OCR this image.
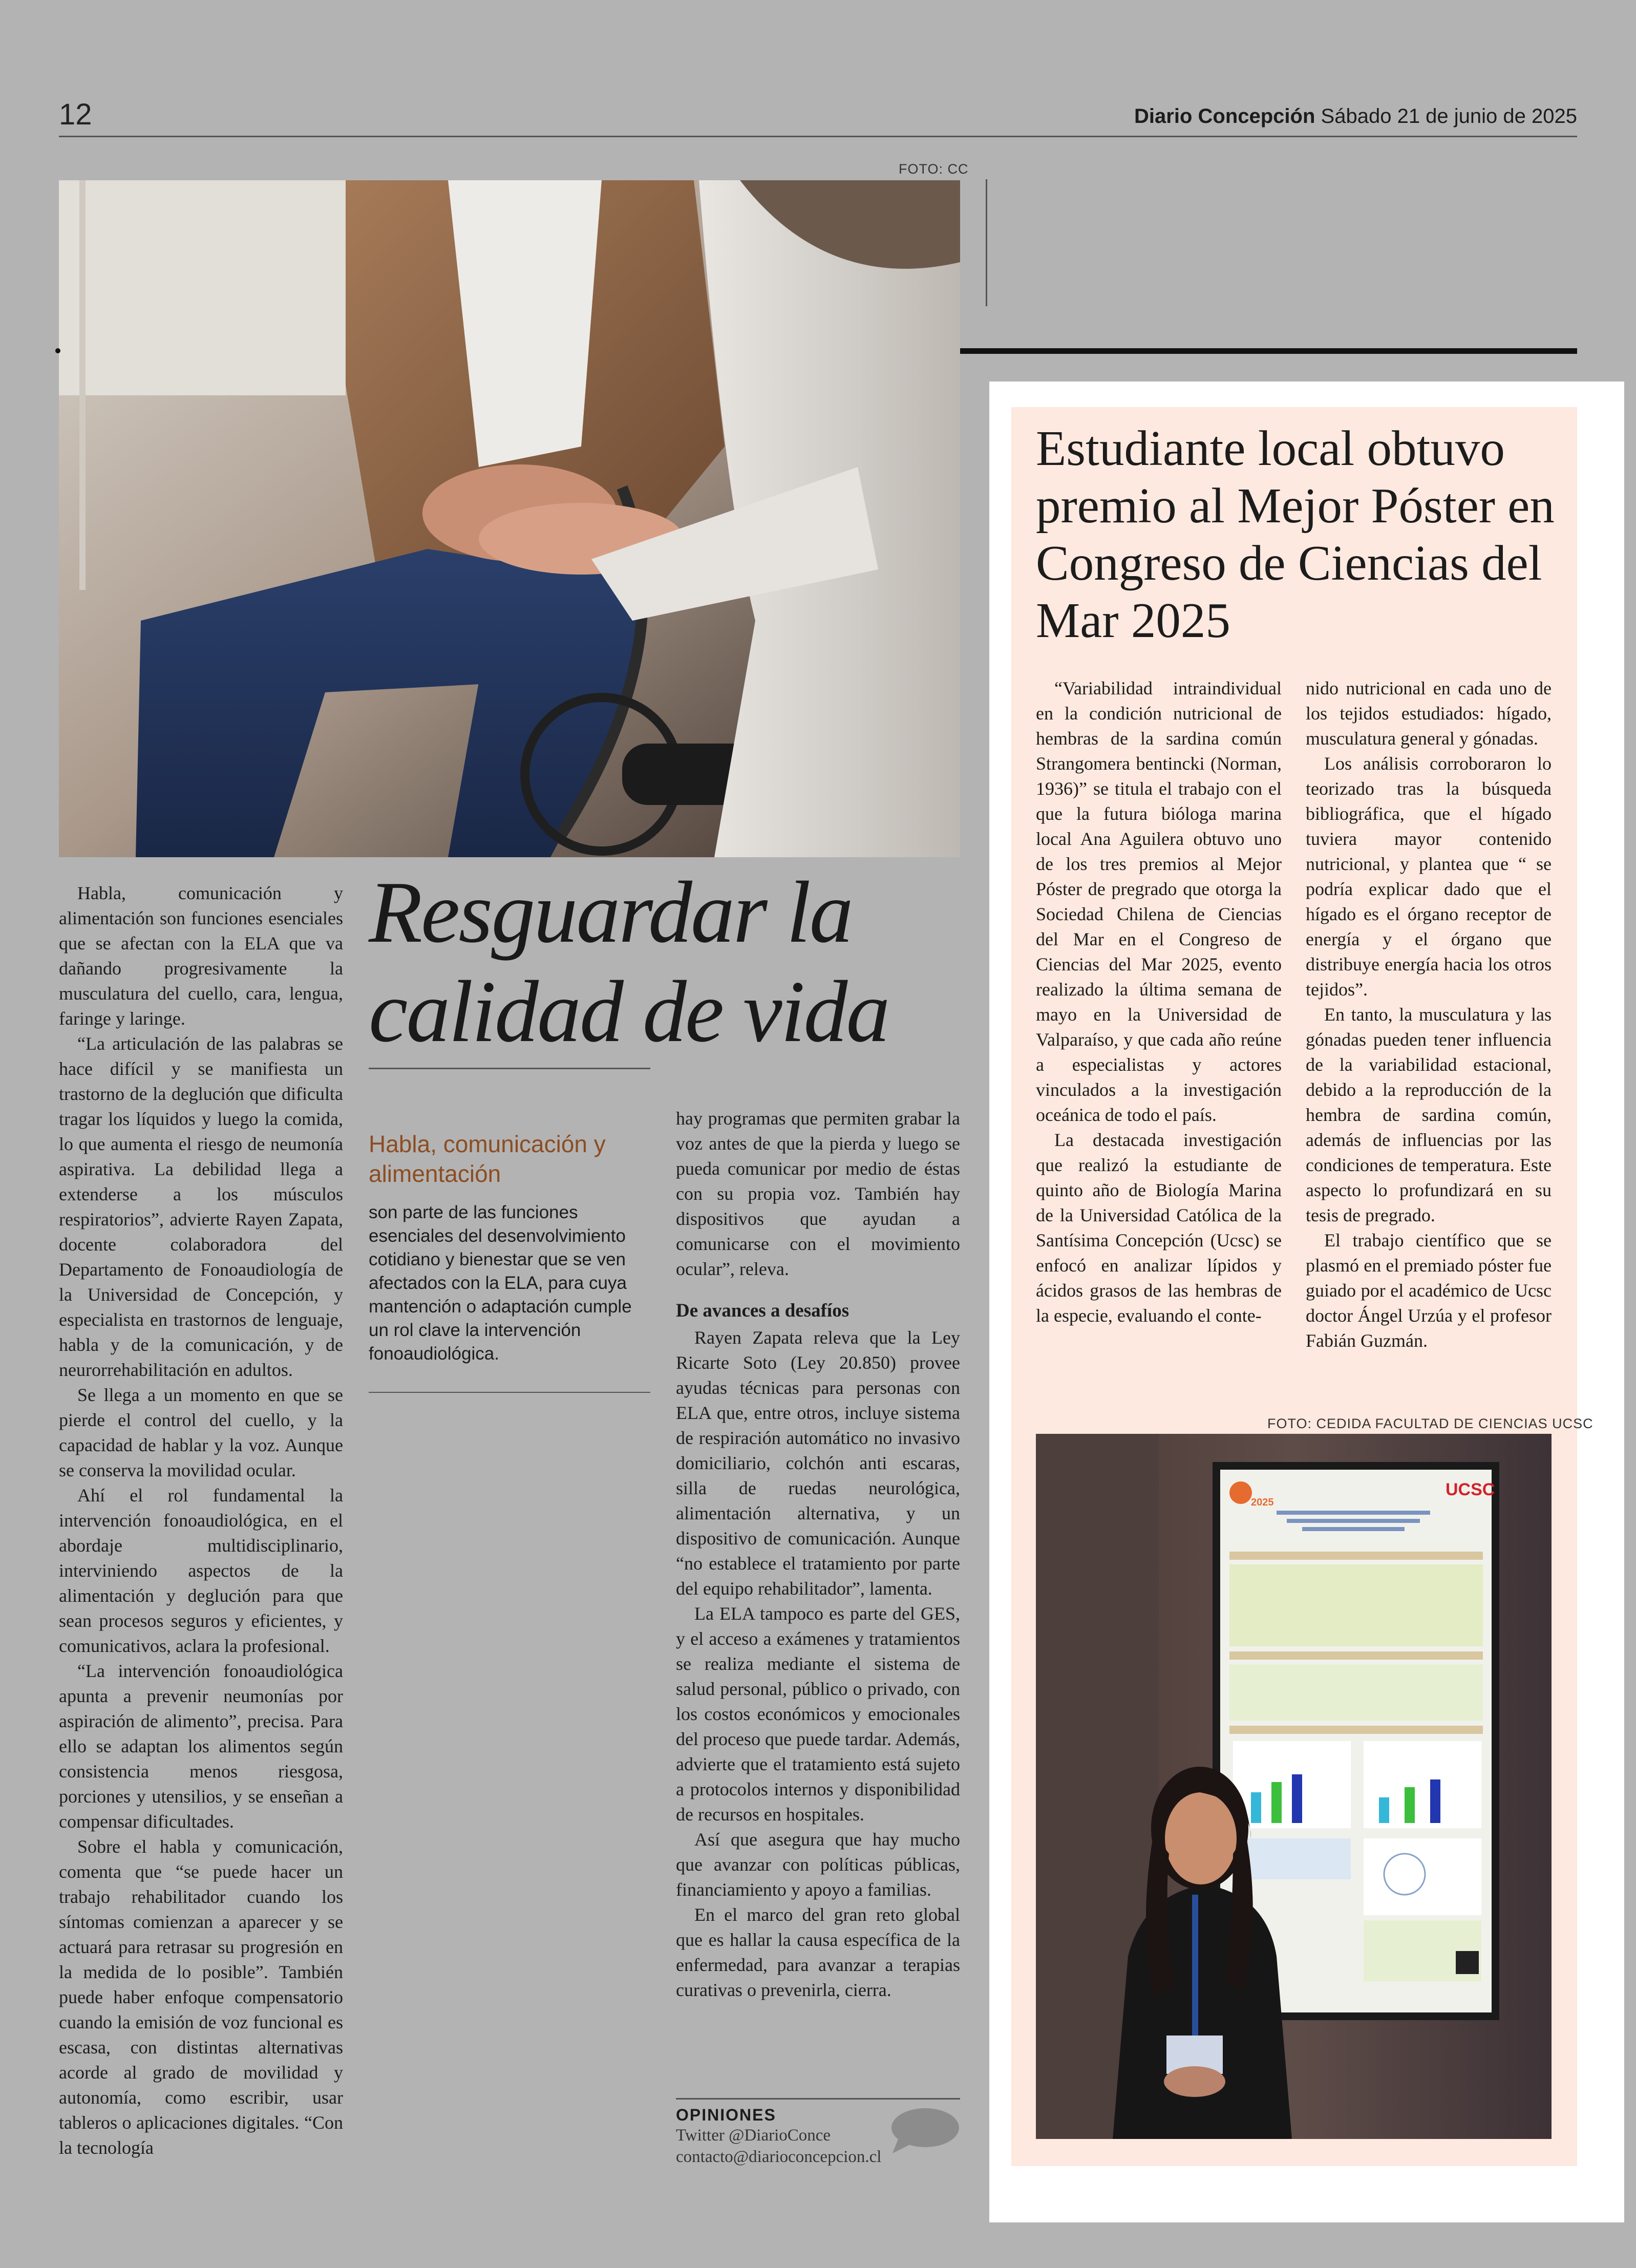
12	Diario Concepción Sábado 21 de junio de 2025
FOTO: CC

Habla, comunicación y alimentación son funciones esenciales que se afectan con la ELA que va dañando progresivamente la musculatura del cuello, cara, lengua, faringe y laringe.

“La articulación de las palabras se hace difícil y se manifiesta un trastorno de la deglución que dificulta tragar los líquidos y luego la comida, lo que aumenta el riesgo de neumonía aspirativa. La debilidad llega a extenderse a los músculos respiratorios”, advierte Rayen Zapata, docente colaboradora del Departamento de Fonoaudiología de la Universidad de Concepción, y especialista en trastornos de lenguaje, habla y de la comunicación, y de neurorrehabilitación en adultos.

Se llega a un momento en que se pierde el control del cuello, y la capacidad de hablar y la voz. Aunque se conserva la movilidad ocular.

Ahí el rol fundamental la intervención fonoaudiológica, en el abordaje multidisciplinario, interviniendo aspectos de la alimentación y deglución para que sean procesos seguros y eficientes, y comunicativos, aclara la profesional.

“La intervención fonoaudiológica apunta a prevenir neumonías por aspiración de alimento”, precisa. Para ello se adaptan los alimentos según consistencia menos riesgosa, porciones y utensilios, y se enseñan a compensar dificultades.

Sobre el habla y comunicación, comenta que “se puede hacer un trabajo rehabilitador cuando los síntomas comienzan a aparecer y se actuará para retrasar su progresión en la medida de lo posible”. También puede haber enfoque compensatorio cuando la emisión de voz funcional es escasa, con distintas alternativas acorde al grado de movilidad y autonomía, como escribir, usar tableros o aplicaciones digitales. “Con la tecnología

Resguardar la
calidad de vida
Habla, comunicación y alimentación
son parte de las funciones esenciales del desenvolvimiento cotidiano y bienestar que se ven afectados con la ELA, para cuya mantención o adaptación cumple un rol clave la intervención fonoaudiológica.

hay programas que permiten grabar la voz antes de que la pierda y luego se pueda comunicar por medio de éstas con su propia voz. También hay dispositivos que ayudan a comunicarse con el movimiento ocular”, releva.

De avances a desafíos

Rayen Zapata releva que la Ley Ricarte Soto (Ley 20.850) provee ayudas técnicas para personas con ELA que, entre otros, incluye sistema de respiración automático no invasivo domiciliario, colchón anti escaras, silla de ruedas neurológica, alimentación alternativa, y un dispositivo de comunicación. Aunque “no establece el tratamiento por parte del equipo rehabilitador”, lamenta.

La ELA tampoco es parte del GES, y el acceso a exámenes y tratamientos se realiza mediante el sistema de salud personal, público o privado, con los costos económicos y emocionales del proceso que puede tardar. Además, advierte que el tratamiento está sujeto a protocolos internos y disponibilidad de recursos en hospitales.

Así que asegura que hay mucho que avanzar con políticas públicas, financiamiento y apoyo a familias.

En el marco del gran reto global que es hallar la causa específica de la enfermedad, para avanzar a terapias curativas o prevenirla, cierra.

OPINIONES
Twitter @DiarioConce
contacto@diarioconcepcion.cl
Estudiante local obtuvo premio al Mejor Póster en Congreso de Ciencias del Mar 2025

“Variabilidad intraindividual en la condición nutricional de hembras de la sardina común Strangomera bentincki (Norman, 1936)” se titula el trabajo con el que la futura bióloga marina local Ana Aguilera obtuvo uno de los tres premios al Mejor Póster de pregrado que otorga la Sociedad Chilena de Ciencias del Mar en el Congreso de Ciencias del Mar 2025, evento realizado la última semana de mayo en la Universidad de Valparaíso, y que cada año reúne a especialistas y actores vinculados a la investigación oceánica de todo el país.

La destacada investigación que realizó la estudiante de quinto año de Biología Marina de la Universidad Católica de la Santísima Concepción (Ucsc) se enfocó en analizar lípidos y ácidos grasos de las hembras de la especie, evaluando el conte-

nido nutricional en cada uno de los tejidos estudiados: hígado, musculatura general y gónadas.

Los análisis corroboraron lo teorizado tras la búsqueda bibliográfica, que el hígado tuviera mayor contenido nutricional, y plantea que “ se podría explicar dado que el hígado es el órgano receptor de energía y el órgano que distribuye energía hacia los otros tejidos”.

En tanto, la musculatura y las gónadas pueden tener influencia de la variabilidad estacional, debido a la reproducción de la hembra de sardina común, además de influencias por las condiciones de temperatura. Este aspecto lo profundizará en su tesis de pregrado.

El trabajo científico que se plasmó en el premiado póster fue guiado por el académico de Ucsc doctor Ángel Urzúa y el profesor Fabián Guzmán.

FOTO: CEDIDA FACULTAD DE CIENCIAS UCSC
2025
UCSC
